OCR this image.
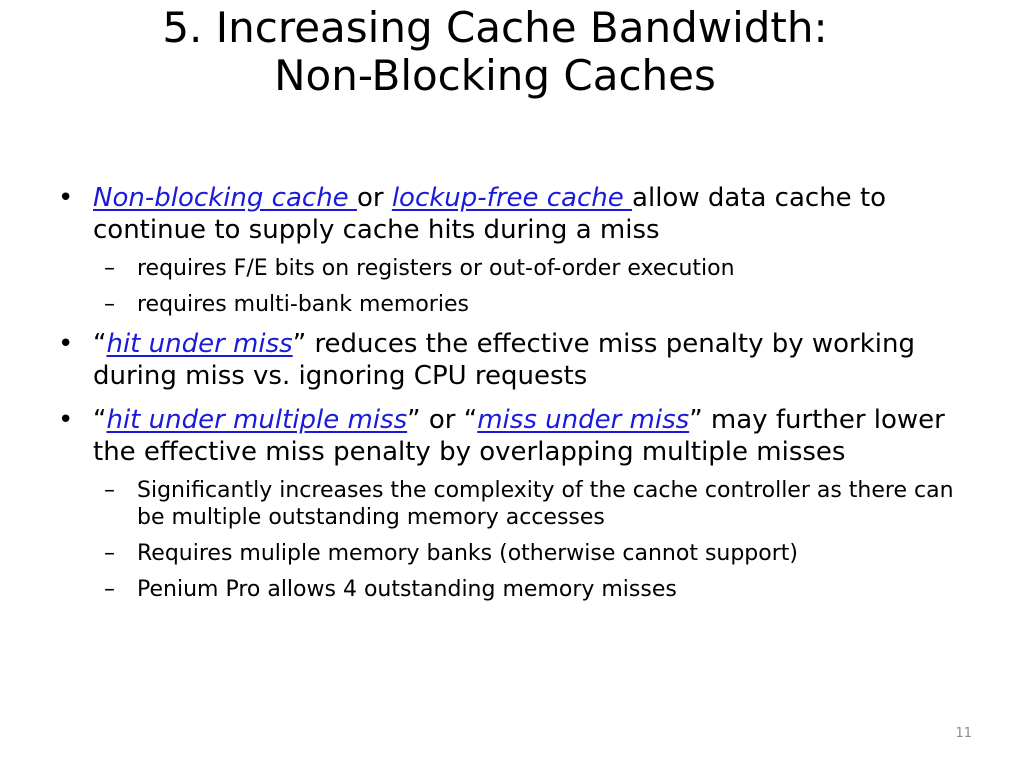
5. Increasing Cache Bandwidth:
Non-Blocking Caches
• Non-blocking cache or lockup-free cache allow data cache to continue to supply cache hits during a miss
– requires F/E bits on registers or out-of-order execution
– requires multi-bank memories
• “hit under miss” reduces the effective miss penalty by working during miss vs. ignoring CPU requests
• “hit under multiple miss” or “miss under miss” may further lower the effective miss penalty by overlapping multiple misses
– Significantly increases the complexity of the cache controller as there can be multiple outstanding memory accesses
– Requires muliple memory banks (otherwise cannot support)
– Penium Pro allows 4 outstanding memory misses
11
